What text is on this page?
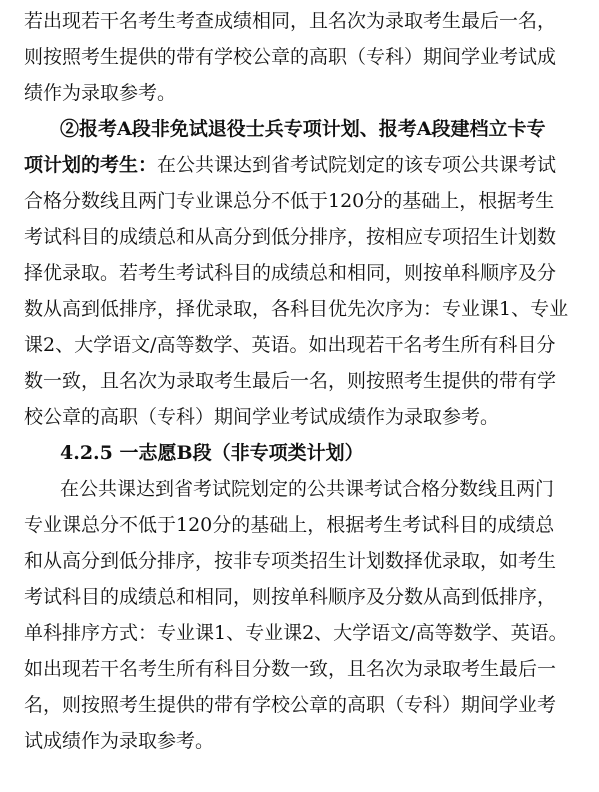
若出现若干名考生考查成绩相同，且名次为录取考生最后一名，
则按照考生提供的带有学校公章的高职（专科）期间学业考试成
绩作为录取参考。
②报考A段非免试退役士兵专项计划、报考A段建档立卡专
项计划的考生：在公共课达到省考试院划定的该专项公共课考试
合格分数线且两门专业课总分不低于120分的基础上，根据考生
考试科目的成绩总和从高分到低分排序，按相应专项招生计划数
择优录取。若考生考试科目的成绩总和相同，则按单科顺序及分
数从高到低排序，择优录取，各科目优先次序为：专业课1、专业
课2、大学语文/高等数学、英语。如出现若干名考生所有科目分
数一致，且名次为录取考生最后一名，则按照考生提供的带有学
校公章的高职（专科）期间学业考试成绩作为录取参考。
4.2.5 一志愿B段（非专项类计划）
在公共课达到省考试院划定的公共课考试合格分数线且两门
专业课总分不低于120分的基础上，根据考生考试科目的成绩总
和从高分到低分排序，按非专项类招生计划数择优录取，如考生
考试科目的成绩总和相同，则按单科顺序及分数从高到低排序，
单科排序方式：专业课1、专业课2、大学语文/高等数学、英语。
如出现若干名考生所有科目分数一致，且名次为录取考生最后一
名，则按照考生提供的带有学校公章的高职（专科）期间学业考
试成绩作为录取参考。
